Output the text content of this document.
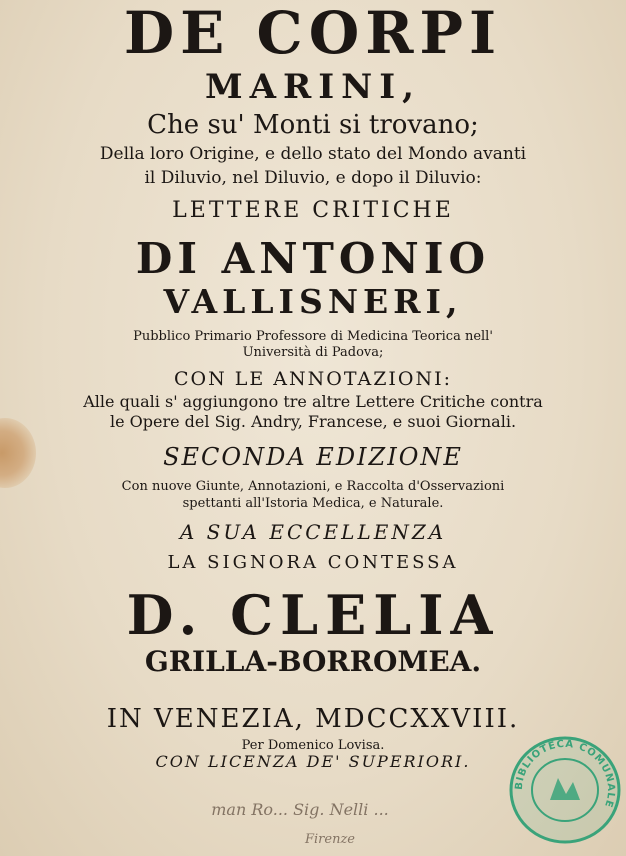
DE CORPI
MARINI,
Che su' Monti si trovano;
Della loro Origine, e dello stato del Mondo avanti
il Diluvio, nel Diluvio, e dopo il Diluvio:
LETTERE CRITICHE
DI ANTONIO
VALLISNERI,
Pubblico Primario Professore di Medicina Teorica nell'
Università di Padova;
CON LE ANNOTAZIONI:
Alle quali s' aggiungono tre altre Lettere Critiche contra
le Opere del Sig. Andry, Francese, e suoi Giornali.
SECONDA EDIZIONE
Con nuove Giunte, Annotazioni, e Raccolta d'Osservazioni
spettanti all'Istoria Medica, e Naturale.
A SUA ECCELLENZA
LA SIGNORA CONTESSA
D. CLELIA
GRILLA-BORROMEA.
IN VENEZIA, MDCCXXVIII.
Per Domenico Lovisa.
CON LICENZA DE' SUPERIORI.
man Ro... Sig. Nelli ...
Firenze
BIBLIOTECA COMUNALE
